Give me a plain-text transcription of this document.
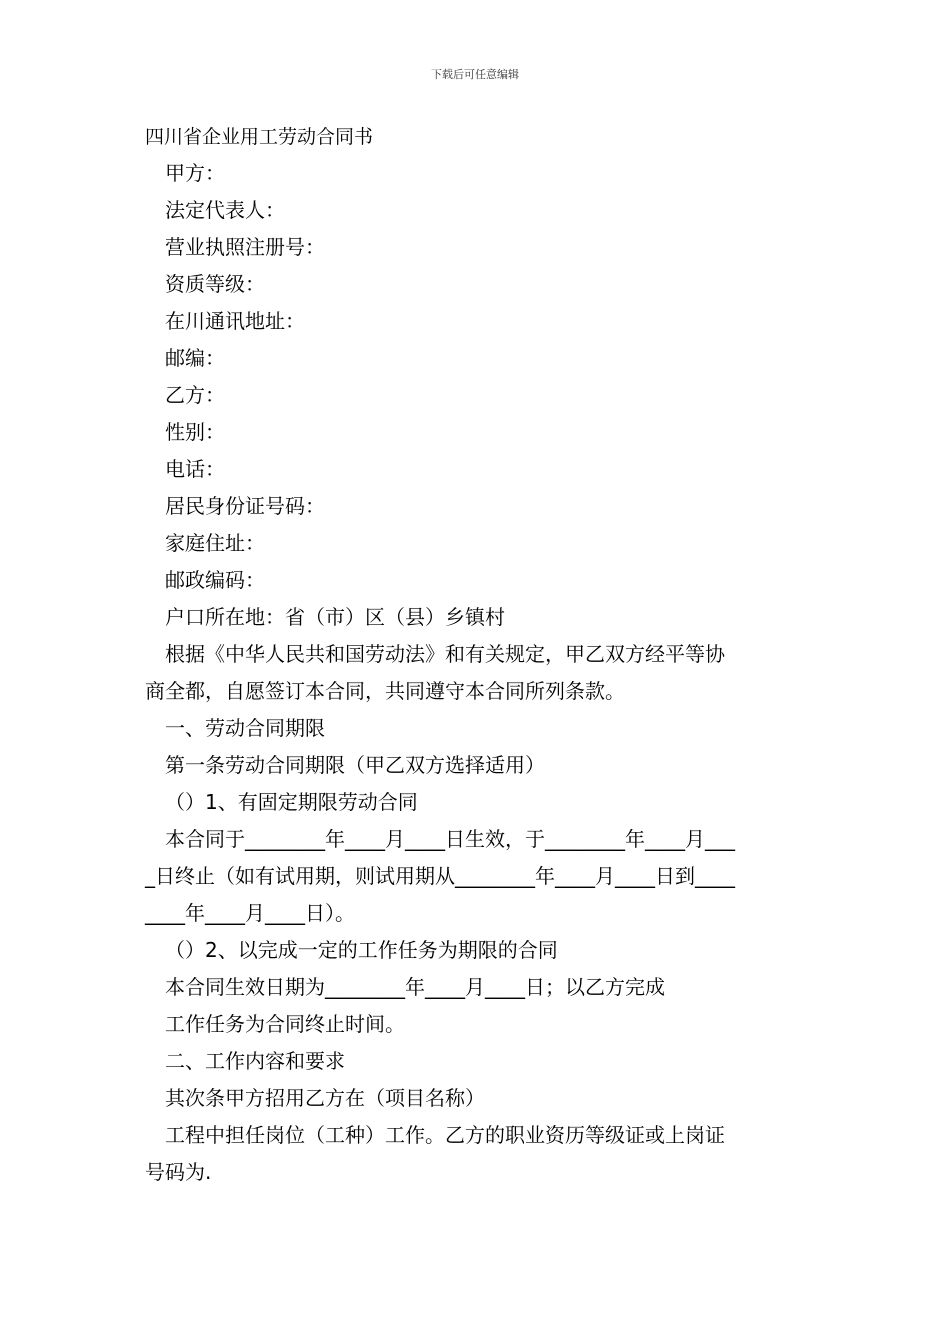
下载后可任意编辑
四川省企业用工劳动合同书
甲方：
法定代表人：
营业执照注册号：
资质等级：
在川通讯地址：
邮编：
乙方：
性别：
电话：
居民身份证号码：
家庭住址：
邮政编码：
户口所在地：省（市）区（县）乡镇村
根据《中华人民共和国劳动法》和有关规定，甲乙双方经平等协
商全都，自愿签订本合同，共同遵守本合同所列条款。
一、劳动合同期限
第一条劳动合同期限（甲乙双方选择适用）
（）1、有固定期限劳动合同
本合同于________年____月____日生效，于________年____月___
_日终止（如有试用期，则试用期从________年____月____日到____
____年____月____日）。
（）2、以完成一定的工作任务为期限的合同
本合同生效日期为________年____月____日；以乙方完成
工作任务为合同终止时间。
二、工作内容和要求
其次条甲方招用乙方在（项目名称）
工程中担任岗位（工种）工作。乙方的职业资历等级证或上岗证
号码为.
